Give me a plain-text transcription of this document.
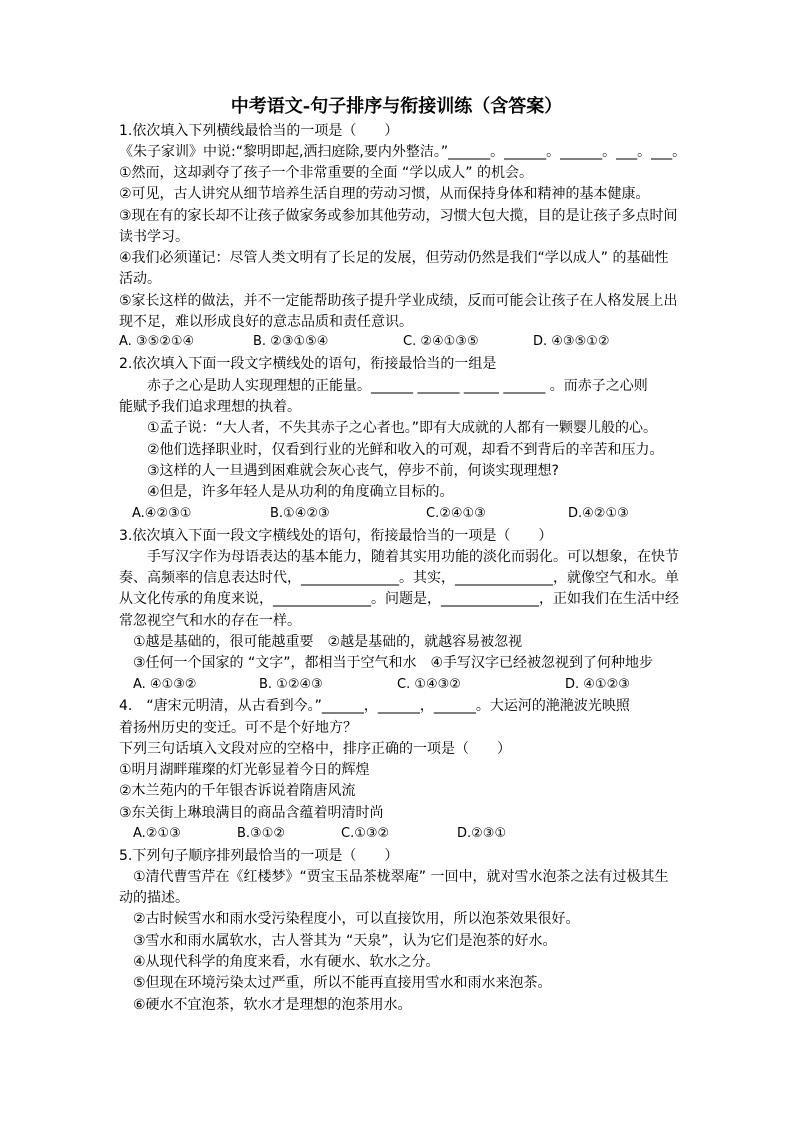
中考语文-句子排序与衔接训练（含答案）
1.依次填入下列横线最恰当的一项是（　　）
《朱子家训》中说:“黎明即起,洒扫庭除,要内外整洁。”______。______。______。___。___。
①然而，这却剥夺了孩子一个非常重要的全面 “学以成人” 的机会。
②可见，古人讲究从细节培养生活自理的劳动习惯，从而保持身体和精神的基本健康。
③现在有的家长却不让孩子做家务或参加其他劳动，习惯大包大揽，目的是让孩子多点时间
读书学习。
④我们必须谨记：尽管人类文明有了长足的发展，但劳动仍然是我们“学以成人” 的基础性
活动。
⑤家长这样的做法，并不一定能帮助孩子提升学业成绩，反而可能会让孩子在人格发展上出
现不足，难以形成良好的意志品质和责任意识。
A. ③⑤②①④	B. ②③①⑤④	C. ②④①③⑤	D. ④③⑤①②
2.依次填入下面一段文字横线处的语句，衔接最恰当的一组是
赤子之心是助人实现理想的正能量。______ ______ _____ ______ 。而赤子之心则
能赋予我们追求理想的执着。
①孟子说：“大人者，不失其赤子之心者也。”即有大成就的人都有一颗婴儿般的心。
②他们选择职业时，仅看到行业的光鲜和收入的可观，却看不到背后的辛苦和压力。
③这样的人一旦遇到困难就会灰心丧气，停步不前，何谈实现理想?
④但是，许多年轻人是从功利的角度确立目标的。
A.④②③①	B.①④②③	C.②④①③	D.④②①③
3.依次填入下面一段文字横线处的语句，衔接最恰当的一项是（　　）
手写汉字作为母语表达的基本能力，随着其实用功能的淡化而弱化。可以想象，在快节
奏、高频率的信息表达时代，______________。其实，______________，就像空气和水。单
从文化传承的角度来说，______________。问题是，______________，正如我们在生活中经
常忽视空气和水的存在一样。
①越是基础的，很可能越重要　②越是基础的，就越容易被忽视
③任何一个国家的 “文字”，都相当于空气和水　④手写汉字已经被忽视到了何种地步
A. ④①③②	B. ①②④③	C. ①④③②	D. ④①②③
4.　“唐宋元明清，从古看到今。”______，______，______。大运河的滟滟波光映照
着扬州历史的变迁。可不是个好地方？
下列三句话填入文段对应的空格中，排序正确的一项是（　　）
①明月湖畔璀璨的灯光彰显着今日的辉煌
②木兰苑内的千年银杏诉说着隋唐风流
③东关街上琳琅满目的商品含蕴着明清时尚
A.②①③	B.③①②	C.①③②	D.②③①
5.下列句子顺序排列最恰当的一项是（　　）
①清代曹雪芹在《红楼梦》“贾宝玉品茶栊翠庵” 一回中，就对雪水泡茶之法有过极其生
动的描述。
②古时候雪水和雨水受污染程度小，可以直接饮用，所以泡茶效果很好。
③雪水和雨水属软水，古人誉其为 “天泉”，认为它们是泡茶的好水。
④从现代科学的角度来看，水有硬水、软水之分。
⑤但现在环境污染太过严重，所以不能再直接用雪水和雨水来泡茶。
⑥硬水不宜泡茶，软水才是理想的泡茶用水。
